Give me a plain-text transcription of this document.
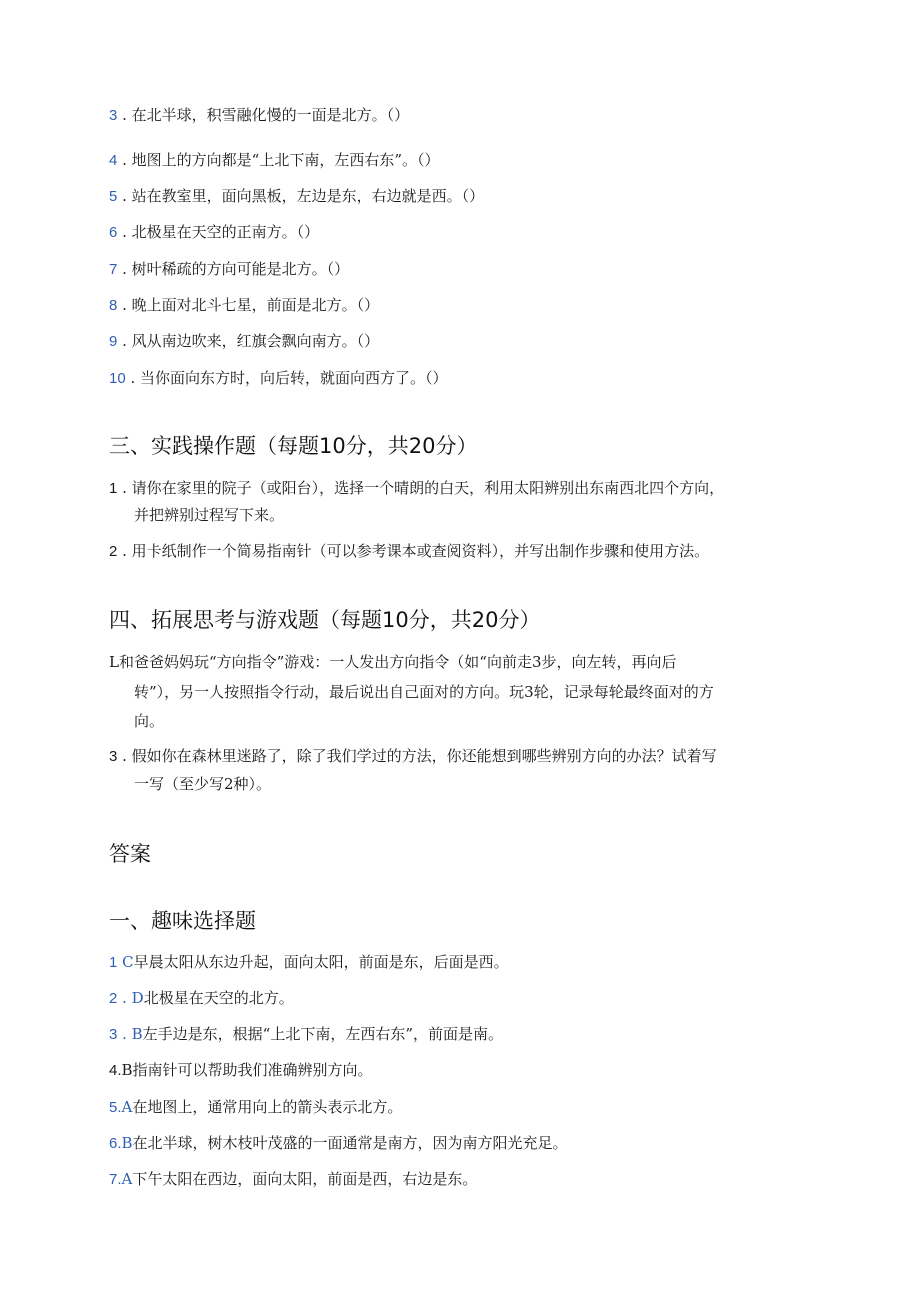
3 . 在北半球，积雪融化慢的一面是北方。（）
4 . 地图上的方向都是“上北下南，左西右东”。（）
5 . 站在教室里，面向黑板，左边是东，右边就是西。（）
6 . 北极星在天空的正南方。（）
7 . 树叶稀疏的方向可能是北方。（）
8 . 晚上面对北斗七星，前面是北方。（）
9 . 风从南边吹来，红旗会飘向南方。（）
10 . 当你面向东方时，向后转，就面向西方了。（）
三、实践操作题（每题10分，共20分）
1 . 请你在家里的院子（或阳台），选择一个晴朗的白天，利用太阳辨别出东南西北四个方向，
并把辨别过程写下来。
2 . 用卡纸制作一个简易指南针（可以参考课本或查阅资料），并写出制作步骤和使用方法。
四、拓展思考与游戏题（每题10分，共20分）
L和爸爸妈妈玩“方向指令”游戏：一人发出方向指令（如“向前走3步，向左转，再向后
转”），另一人按照指令行动，最后说出自己面对的方向。玩3轮，记录每轮最终面对的方
向。
3 . 假如你在森林里迷路了，除了我们学过的方法，你还能想到哪些辨别方向的办法？试着写
一写（至少写2种）。
答案
一、趣味选择题
1 C早晨太阳从东边升起，面向太阳，前面是东，后面是西。
2 . D北极星在天空的北方。
3 . B左手边是东，根据“上北下南，左西右东”，前面是南。
4.B指南针可以帮助我们准确辨别方向。
5.A在地图上，通常用向上的箭头表示北方。
6.B在北半球，树木枝叶茂盛的一面通常是南方，因为南方阳光充足。
7.A下午太阳在西边，面向太阳，前面是西，右边是东。
